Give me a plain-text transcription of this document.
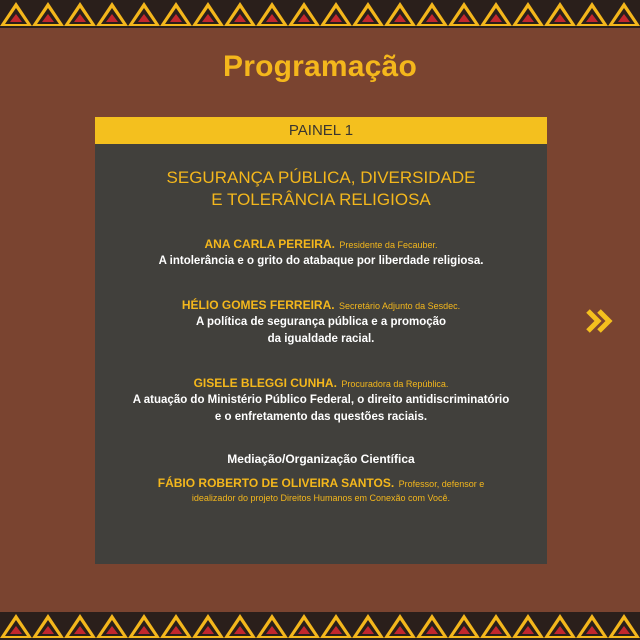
Programação
PAINEL 1
SEGURANÇA PÚBLICA, DIVERSIDADE
E TOLERÂNCIA RELIGIOSA
ANA CARLA PEREIRA. Presidente da Fecauber.
A intolerância e o grito do atabaque por liberdade religiosa.
HÉLIO GOMES FERREIRA. Secretário Adjunto da Sesdec.
A política de segurança pública e a promoção
da igualdade racial.
GISELE BLEGGI CUNHA. Procuradora da República.
A atuação do Ministério Público Federal, o direito antidiscriminatório
e o enfretamento das questões raciais.
Mediação/Organização Científica
FÁBIO ROBERTO DE OLIVEIRA SANTOS. Professor, defensor e
idealizador do projeto Direitos Humanos em Conexão com Você.
